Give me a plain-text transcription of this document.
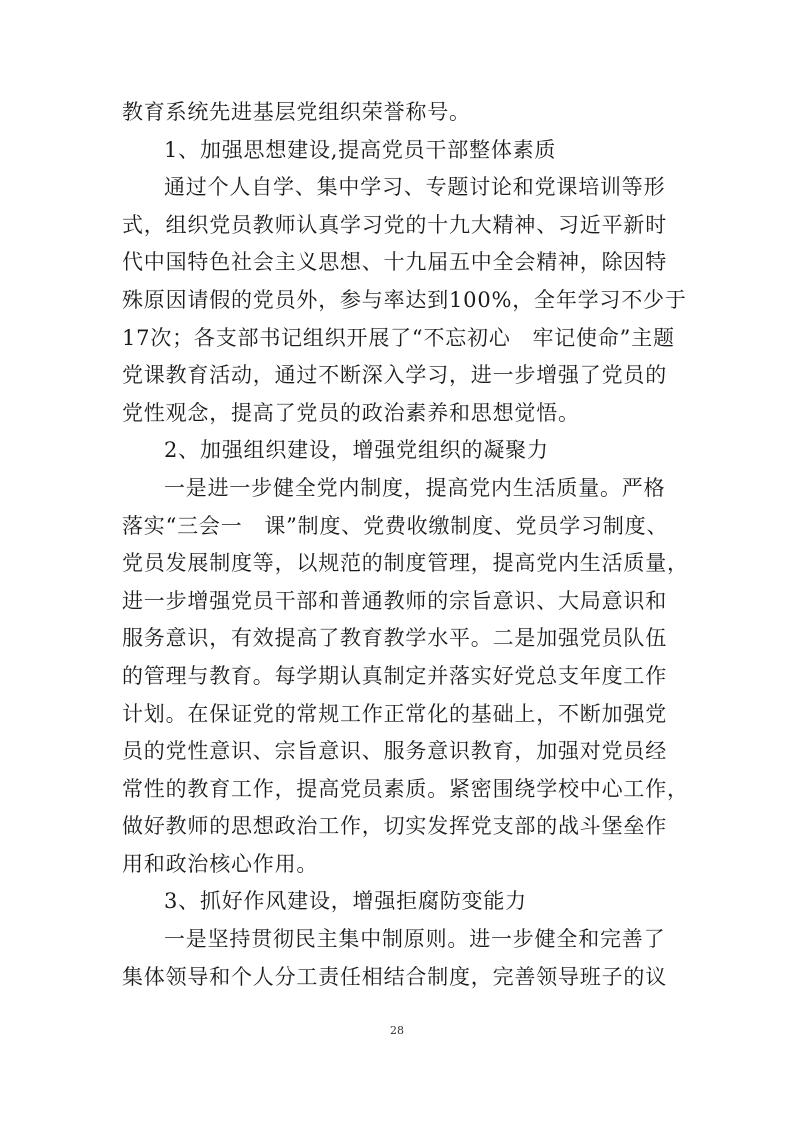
教育系统先进基层党组织荣誉称号。
1、加强思想建设,提高党员干部整体素质
通过个人自学、集中学习、专题讨论和党课培训等形
式，组织党员教师认真学习党的十九大精神、习近平新时
代中国特色社会主义思想、十九届五中全会精神，除因特
殊原因请假的党员外，参与率达到100%，全年学习不少于
17次；各支部书记组织开展了“不忘初心　牢记使命”主题
党课教育活动，通过不断深入学习，进一步增强了党员的
党性观念，提高了党员的政治素养和思想觉悟。
2、加强组织建设，增强党组织的凝聚力
一是进一步健全党内制度，提高党内生活质量。严格
落实“三会一　课”制度、党费收缴制度、党员学习制度、
党员发展制度等，以规范的制度管理，提高党内生活质量，
进一步增强党员干部和普通教师的宗旨意识、大局意识和
服务意识，有效提高了教育教学水平。二是加强党员队伍
的管理与教育。每学期认真制定并落实好党总支年度工作
计划。在保证党的常规工作正常化的基础上，不断加强党
员的党性意识、宗旨意识、服务意识教育，加强对党员经
常性的教育工作，提高党员素质。紧密围绕学校中心工作，
做好教师的思想政治工作，切实发挥党支部的战斗堡垒作
用和政治核心作用。
3、抓好作风建设，增强拒腐防变能力
一是坚持贯彻民主集中制原则。进一步健全和完善了
集体领导和个人分工责任相结合制度，完善领导班子的议
28
